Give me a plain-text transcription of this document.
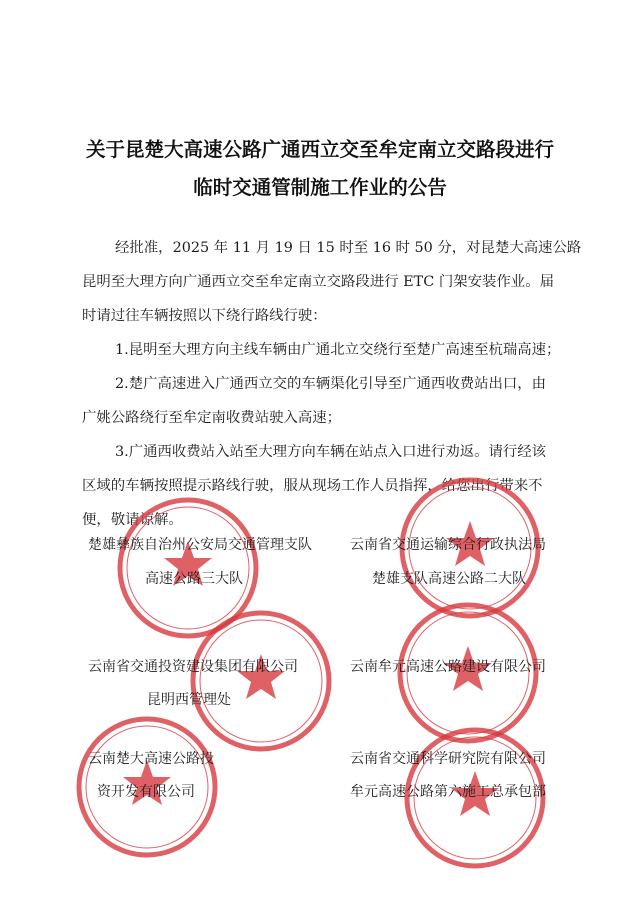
关于昆楚大高速公路广通西立交至牟定南立交路段进行
临时交通管制施工作业的公告
经批准，2025 年 11 月 19 日 15 时至 16 时 50 分，对昆楚大高速公路
昆明至大理方向广通西立交至牟定南立交路段进行 ETC 门架安装作业。届
时请过往车辆按照以下绕行路线行驶：
1.昆明至大理方向主线车辆由广通北立交绕行至楚广高速至杭瑞高速；
2.楚广高速进入广通西立交的车辆渠化引导至广通西收费站出口，由
广姚公路绕行至牟定南收费站驶入高速；
3.广通西收费站入站至大理方向车辆在站点入口进行劝返。请行经该
区域的车辆按照提示路线行驶，服从现场工作人员指挥，给您出行带来不
便，敬请谅解。
楚雄彝族自治州公安局交通管理支队
高速公路三大队
云南省交通运输综合行政执法局
楚雄支队高速公路二大队
云南省交通投资建设集团有限公司
昆明西管理处
云南牟元高速公路建设有限公司
云南楚大高速公路投
资开发有限公司
云南省交通科学研究院有限公司
牟元高速公路第六施工总承包部
